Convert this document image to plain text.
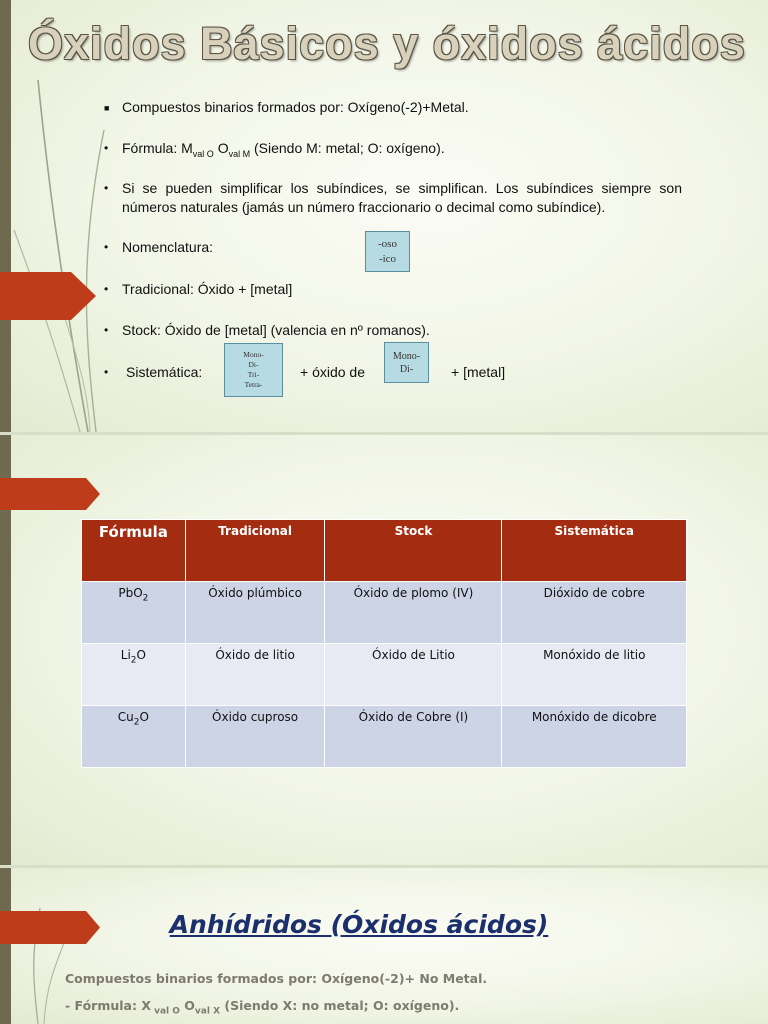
Óxidos Básicos y óxidos ácidos
■ Compuestos binarios formados por: Oxígeno(-2)+Metal.
• Fórmula: $M_{val O}$ $O_{val M}$ (Siendo M: metal; O: oxígeno).
• Si se pueden simplificar los subíndices, se simplifican. Los subíndices siempre son números naturales (jamás un número fraccionario o decimal como subíndice).
• Nomenclatura:	-oso
-ico
• Tradicional: Óxido + [metal]
• Stock: Óxido de [metal] (valencia en nº romanos).
• Sistemática:
Mono-
Di-
Tri-
Tetra-
+ óxido de
Mono-
Di-	+ [metal]
Fórmula	Tradicional	Stock	Sistemática
PbO$_2$	Óxido plúmbico	Óxido de plomo (IV)	Dióxido de cobre
$Li_2O$	Óxido de litio	Óxido de Litio	Monóxido de litio
$Cu_2O$	Óxido cuproso	Óxido de Cobre (I)	Monóxido de dicobre
Anhídridos (Óxidos ácidos)
Compuestos binarios formados por: Oxígeno(-2)+ No Metal.
- Fórmula: X $_{val O}$ $O_{val X}$ (Siendo X: no metal; O: oxígeno).
